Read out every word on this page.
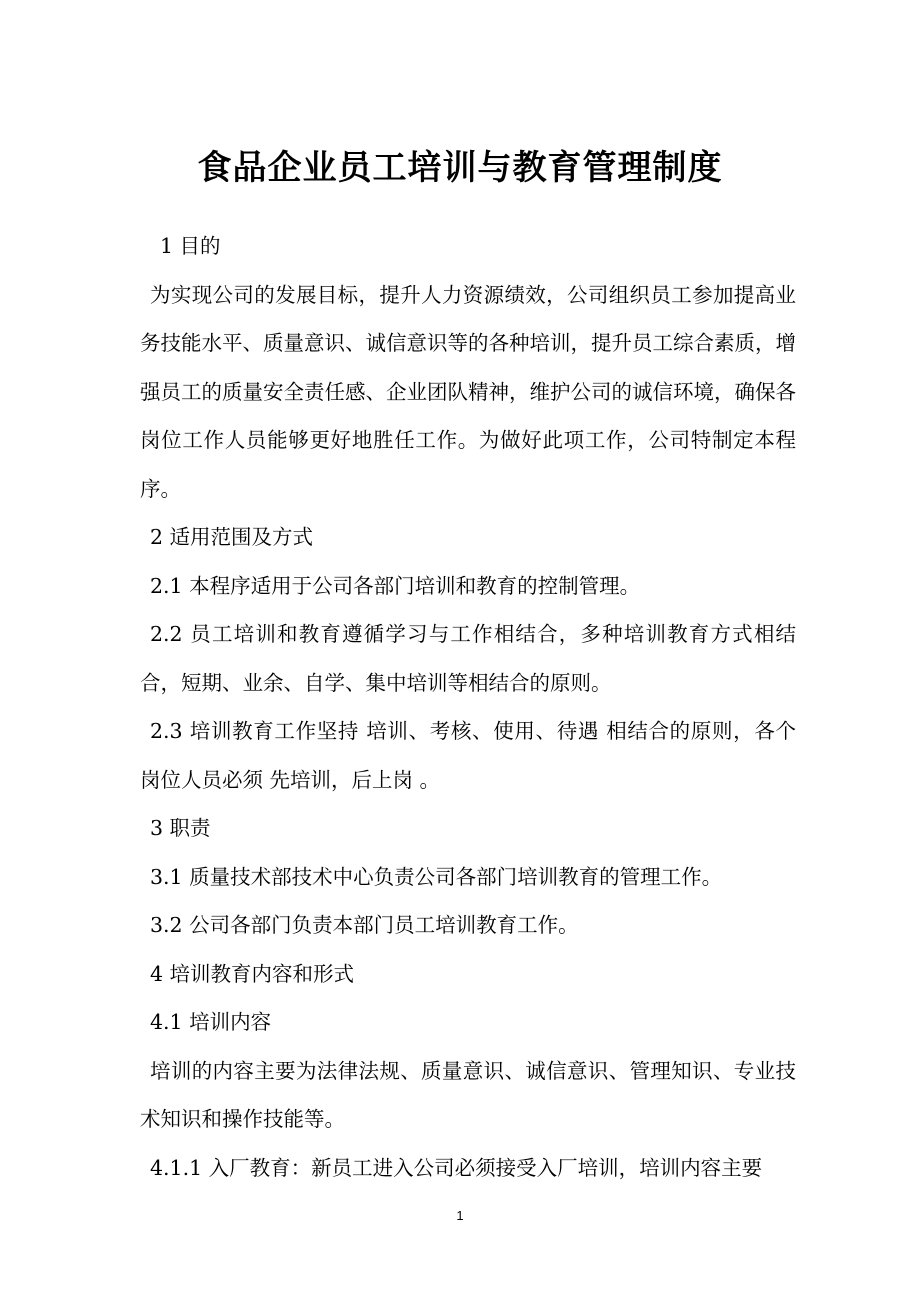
食品企业员工培训与教育管理制度

1 目的

为实现公司的发展目标，提升人力资源绩效，公司组织员工参加提高业务技能水平、质量意识、诚信意识等的各种培训，提升员工综合素质，增强员工的质量安全责任感、企业团队精神，维护公司的诚信环境，确保各岗位工作人员能够更好地胜任工作。为做好此项工作，公司特制定本程序。

2 适用范围及方式

2.1 本程序适用于公司各部门培训和教育的控制管理。

2.2 员工培训和教育遵循学习与工作相结合，多种培训教育方式相结合，短期、业余、自学、集中培训等相结合的原则。

2.3 培训教育工作坚持 培训、考核、使用、待遇 相结合的原则，各个岗位人员必须 先培训，后上岗 。

3 职责

3.1 质量技术部技术中心负责公司各部门培训教育的管理工作。

3.2 公司各部门负责本部门员工培训教育工作。

4 培训教育内容和形式

4.1 培训内容

培训的内容主要为法律法规、质量意识、诚信意识、管理知识、专业技术知识和操作技能等。

4.1.1 入厂教育：新员工进入公司必须接受入厂培训，培训内容主要

1
